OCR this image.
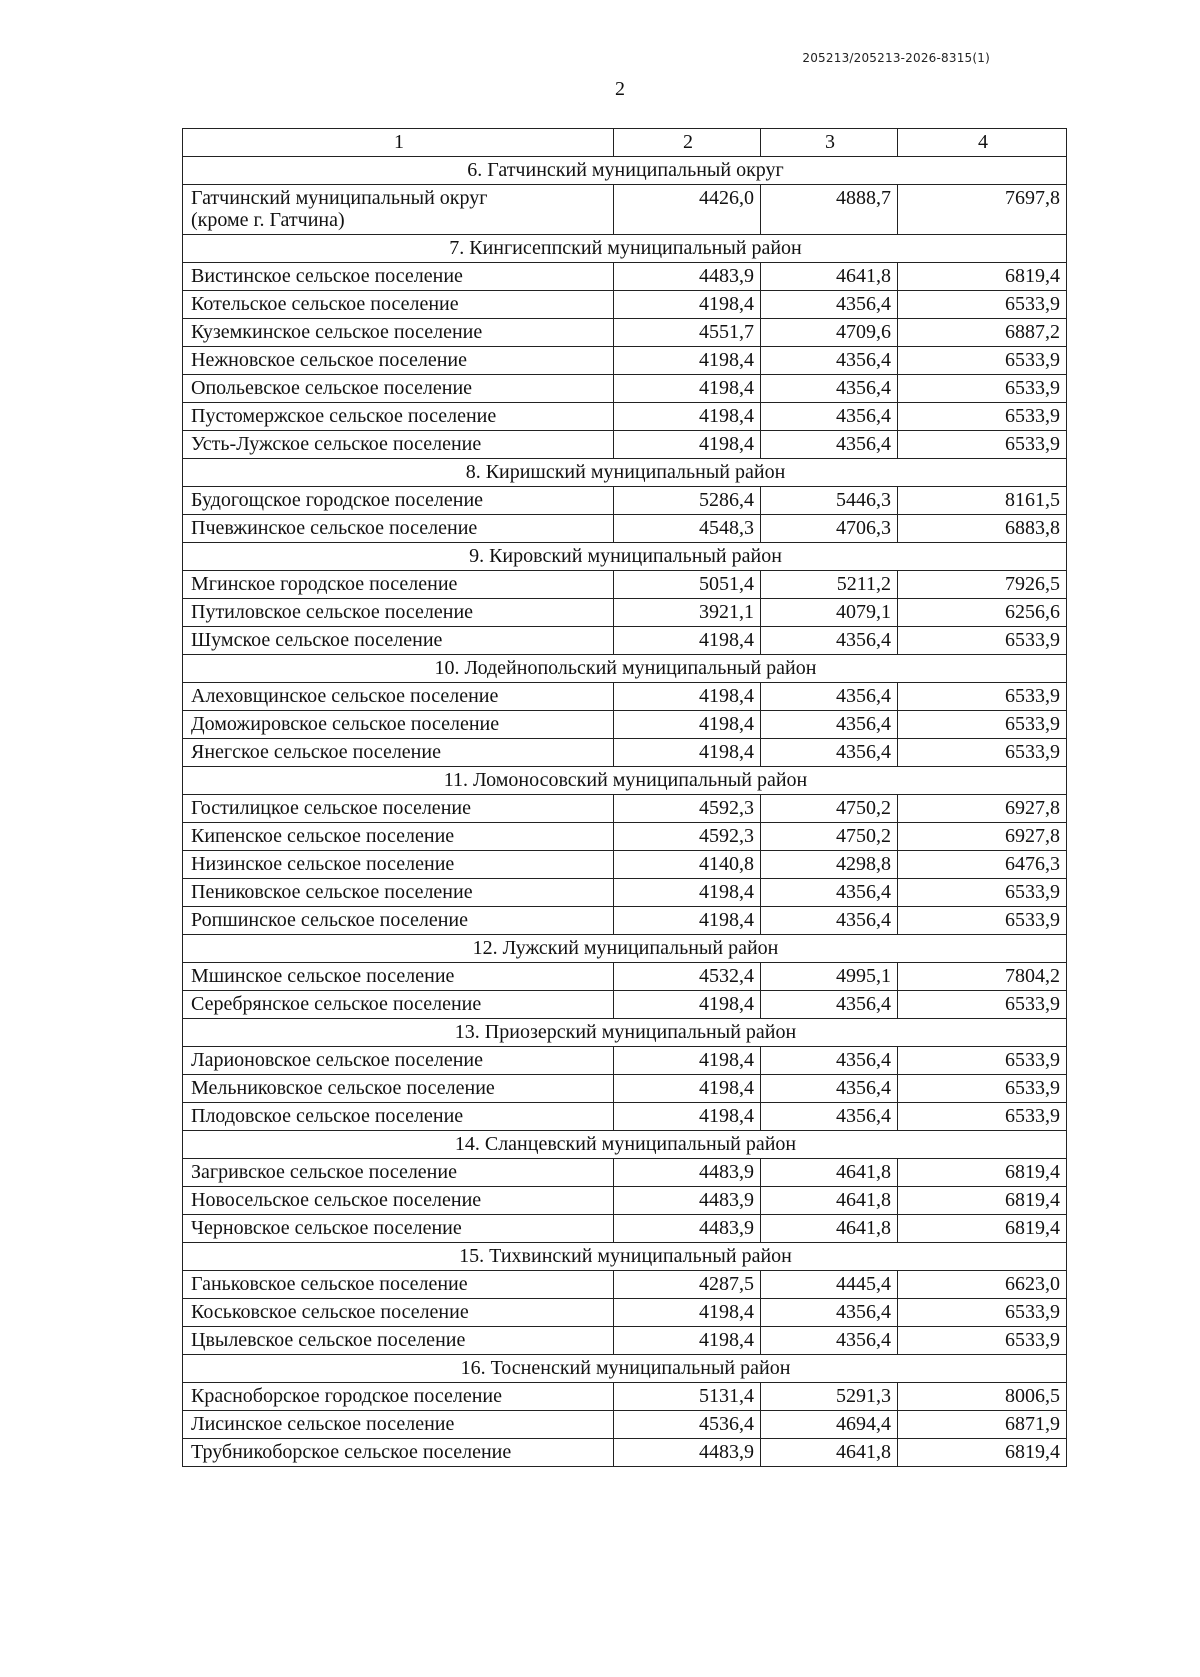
205213/205213-2026-8315(1)
2
1	2	3	4
6. Гатчинский муниципальный округ			

Гатчинский муниципальный округ
(кроме г. Гатчина)	4426,0	4888,7	7697,8
7. Кингисеппский муниципальный район			

Вистинское сельское поселение	4483,9	4641,8	6819,4

Котельское сельское поселение	4198,4	4356,4	6533,9

Куземкинское сельское поселение	4551,7	4709,6	6887,2

Нежновское сельское поселение	4198,4	4356,4	6533,9

Опольевское сельское поселение	4198,4	4356,4	6533,9

Пустомержское сельское поселение	4198,4	4356,4	6533,9

Усть-Лужское сельское поселение	4198,4	4356,4	6533,9
8. Киришский муниципальный район			

Будогощское городское поселение	5286,4	5446,3	8161,5

Пчевжинское сельское поселение	4548,3	4706,3	6883,8
9. Кировский муниципальный район			

Мгинское городское поселение	5051,4	5211,2	7926,5

Путиловское сельское поселение	3921,1	4079,1	6256,6

Шумское сельское поселение	4198,4	4356,4	6533,9
10. Лодейнопольский муниципальный район			

Алеховщинское сельское поселение	4198,4	4356,4	6533,9

Доможировское сельское поселение	4198,4	4356,4	6533,9

Янегское сельское поселение	4198,4	4356,4	6533,9
11. Ломоносовский муниципальный район			

Гостилицкое сельское поселение	4592,3	4750,2	6927,8

Кипенское сельское поселение	4592,3	4750,2	6927,8

Низинское сельское поселение	4140,8	4298,8	6476,3

Пениковское сельское поселение	4198,4	4356,4	6533,9

Ропшинское сельское поселение	4198,4	4356,4	6533,9
12. Лужский муниципальный район			

Мшинское сельское поселение	4532,4	4995,1	7804,2

Серебрянское сельское поселение	4198,4	4356,4	6533,9
13. Приозерский муниципальный район			

Ларионовское сельское поселение	4198,4	4356,4	6533,9

Мельниковское сельское поселение	4198,4	4356,4	6533,9

Плодовское сельское поселение	4198,4	4356,4	6533,9
14. Сланцевский муниципальный район			

Загривское сельское поселение	4483,9	4641,8	6819,4

Новосельское сельское поселение	4483,9	4641,8	6819,4

Черновское сельское поселение	4483,9	4641,8	6819,4
15. Тихвинский муниципальный район			

Ганьковское сельское поселение	4287,5	4445,4	6623,0

Коськовское сельское поселение	4198,4	4356,4	6533,9

Цвылевское сельское поселение	4198,4	4356,4	6533,9
16. Тосненский муниципальный район			

Красноборское городское поселение	5131,4	5291,3	8006,5

Лисинское сельское поселение	4536,4	4694,4	6871,9

Трубникоборское сельское поселение	4483,9	4641,8	6819,4
